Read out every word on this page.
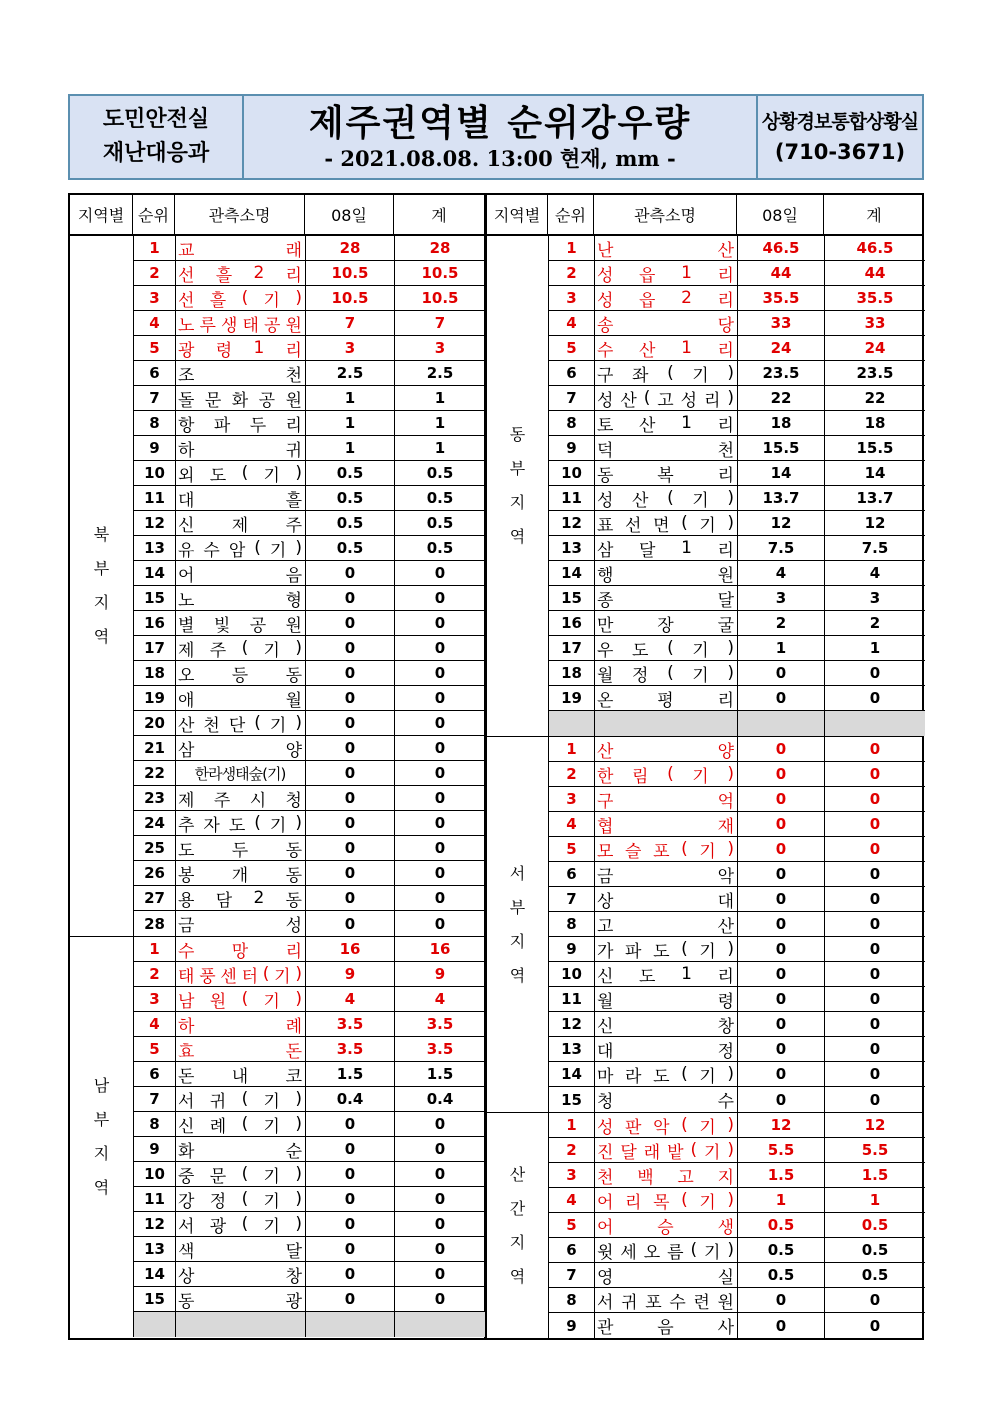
도민안전실
재난대응과
제주권역별 순위강우량
- 2021.08.08. 13:00 현재, mm -
상황경보통합상황실
(710-3671)
지역별 순위	관측소명	08일	계
북
부
지
역
1	교	래	28	28
2	선 흘 2 리	10.5	10.5
3	선 흘 ( 기 )	10.5	10.5
4	노 루 생 태 공 원	7	7
5	광 령 1 리	3	3
6	조	천	2.5	2.5
7	돌 문 화 공 원	1	1
8	항 파 두 리	1	1
9	하	귀	1	1
10 외 도 ( 기 )	0.5	0.5
11 대	흘	0.5	0.5
12 신 제 주	0.5	0.5
13 유 수 암 ( 기 )	0.5	0.5
14 어	음	0	0
15 노	형	0	0
16 별 빛 공 원	0	0
17 제 주 ( 기 )	0	0
18 오 등 동	0	0
19 애	월	0	0
20 산 천 단 ( 기 )	0	0
21 삼	양	0	0
22	한라생태숲(기)	0	0
23 제 주 시 청	0	0
24 추 자 도 ( 기 )	0	0
25 도 두 동	0	0
26 봉 개 동	0	0
27 용 담 2 동	0	0
28 금	성	0	0
남
부
지
역
1	수 망 리	16	16
2	태 풍 센 터 ( 기 )	9	9
3	남 원 ( 기 )	4	4
4	하	례	3.5	3.5
5	효	돈	3.5	3.5
6	돈 내 코	1.5	1.5
7	서 귀 ( 기 )	0.4	0.4
8	신 례 ( 기 )	0	0
9	화	순	0	0
10 중 문 ( 기 )	0	0
11 강 정 ( 기 )	0	0
12 서 광 ( 기 )	0	0
13 색	달	0	0
14 상	창	0	0
15 동	광	0	0
지역별 순위	관측소명	08일	계
동
부
지
역
1	난	산	46.5	46.5
2	성 읍 1 리	44	44
3	성 읍 2 리	35.5	35.5
4	송	당	33	33
5	수 산 1 리	24	24
6	구 좌 ( 기 )	23.5	23.5
7	성 산 ( 고 성 리 )	22	22
8	토 산 1 리	18	18
9	덕	천	15.5	15.5
10 동	복	리	14	14
11 성 산 ( 기 )	13.7	13.7
12 표 선 면 ( 기 )	12	12
13 삼 달 1 리	7.5	7.5
14 행	원	4	4
15 종	달	3	3
16 만	장	굴	2	2
17 우 도 ( 기 )	1	1
18 월 정 ( 기 )	0	0
19 온	평	리	0	0
서
부
지
역
1	산	양	0	0
2	한 림 ( 기 )	0	0
3	구	억	0	0
4	협	재	0	0
5	모 슬 포 ( 기 )	0	0
6	금	악	0	0
7	상	대	0	0
8	고	산	0	0
9	가 파 도 ( 기 )	0	0
10 신 도 1 리	0	0
11 월	령	0	0
12 신	창	0	0
13 대	정	0	0
14 마 라 도 ( 기 )	0	0
15 청	수	0	0
산
간
지
역
1	성 판 악 ( 기 )	12	12
2	진 달 래 밭 ( 기 )	5.5	5.5
3	천 백 고 지	1.5	1.5
4	어 리 목 ( 기 )	1	1
5	어	승	생	0.5	0.5
6	윗 세 오 름 ( 기 )	0.5	0.5
7	영	실	0.5	0.5
8	서 귀 포 수 련 원	0	0
9	관	음	사	0	0
